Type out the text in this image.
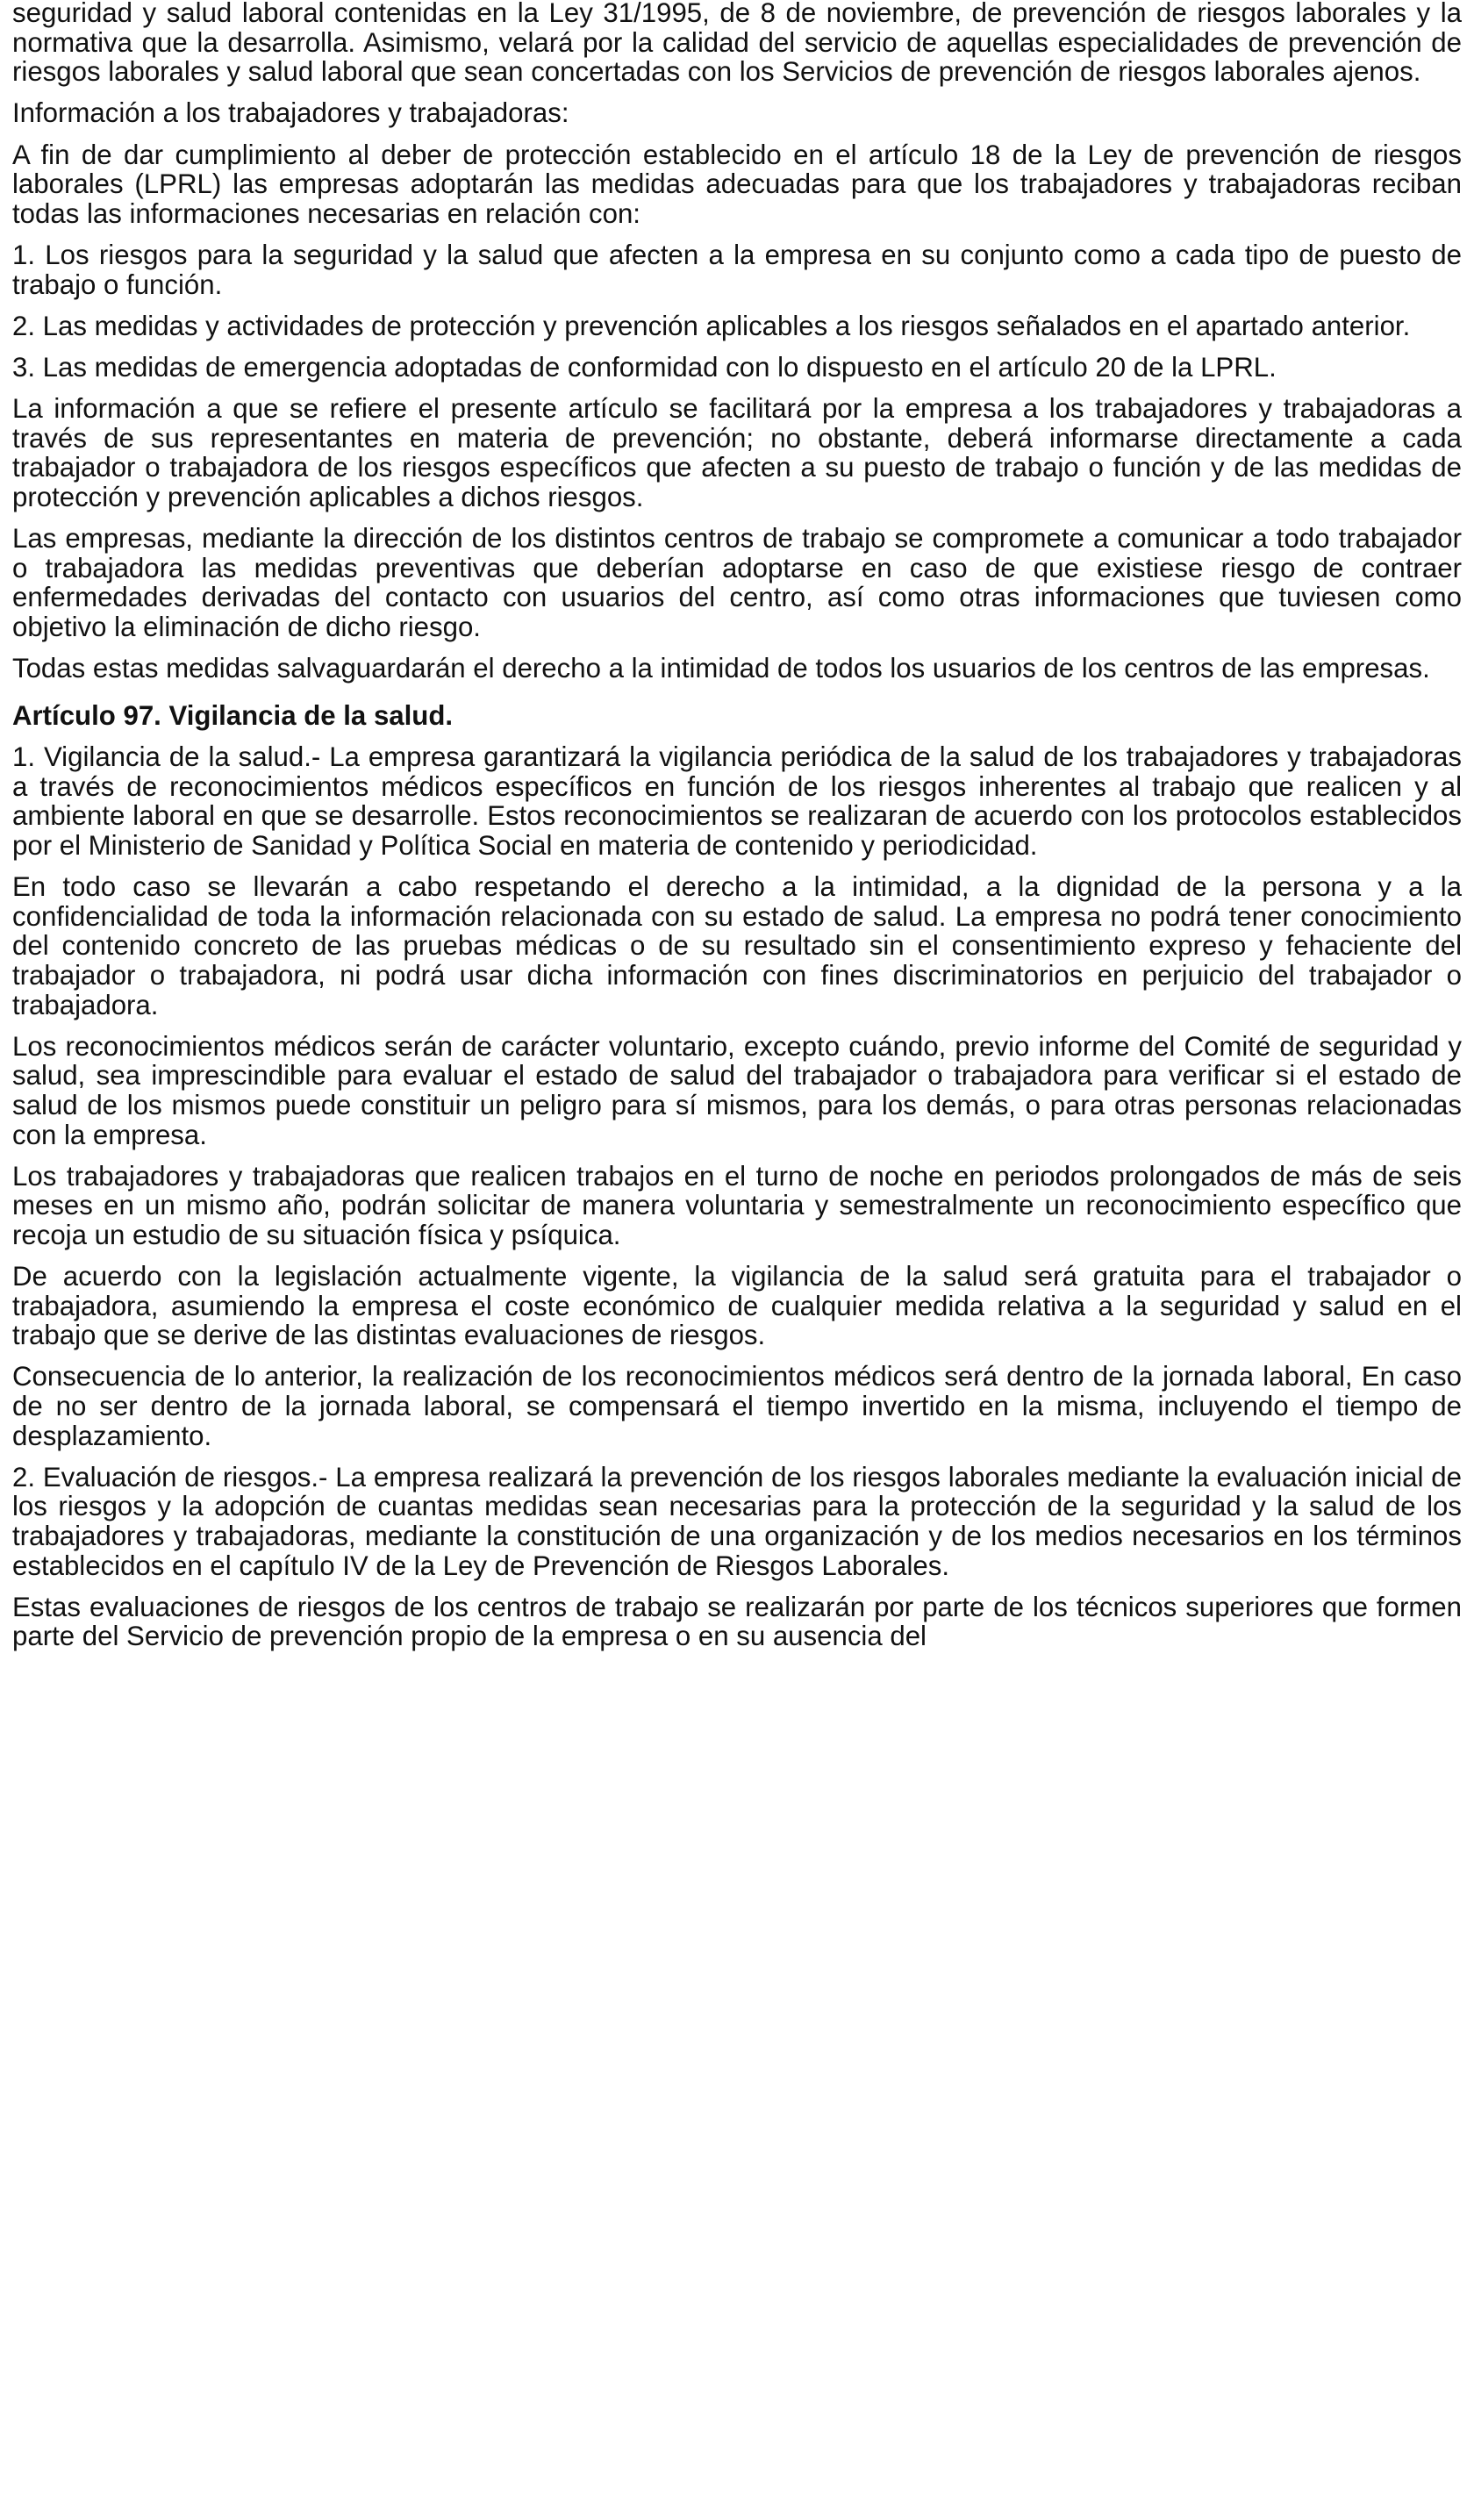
seguridad y salud laboral contenidas en la Ley 31/1995, de 8 de noviembre, de prevención de riesgos laborales y la normativa que la desarrolla. Asimismo, velará por la calidad del servicio de aquellas especialidades de prevención de riesgos laborales y salud laboral que sean concertadas con los Servicios de prevención de riesgos laborales ajenos.

Información a los trabajadores y trabajadoras:

A fin de dar cumplimiento al deber de protección establecido en el artículo 18 de la Ley de prevención de riesgos laborales (LPRL) las empresas adoptarán las medidas adecuadas para que los trabajadores y trabajadoras reciban todas las informaciones necesarias en relación con:

1. Los riesgos para la seguridad y la salud que afecten a la empresa en su conjunto como a cada tipo de puesto de trabajo o función.

2. Las medidas y actividades de protección y prevención aplicables a los riesgos señalados en el apartado anterior.

3. Las medidas de emergencia adoptadas de conformidad con lo dispuesto en el artículo 20 de la LPRL.

La información a que se refiere el presente artículo se facilitará por la empresa a los trabajadores y trabajadoras a través de sus representantes en materia de prevención; no obstante, deberá informarse directamente a cada trabajador o trabajadora de los riesgos específicos que afecten a su puesto de trabajo o función y de las medidas de protección y prevención aplicables a dichos riesgos.

Las empresas, mediante la dirección de los distintos centros de trabajo se compromete a comunicar a todo trabajador o trabajadora las medidas preventivas que deberían adoptarse en caso de que existiese riesgo de contraer enfermedades derivadas del contacto con usuarios del centro, así como otras informaciones que tuviesen como objetivo la eliminación de dicho riesgo.

Todas estas medidas salvaguardarán el derecho a la intimidad de todos los usuarios de los centros de las empresas.

Artículo 97. Vigilancia de la salud.

1. Vigilancia de la salud.- La empresa garantizará la vigilancia periódica de la salud de los trabajadores y trabajadoras a través de reconocimientos médicos específicos en función de los riesgos inherentes al trabajo que realicen y al ambiente laboral en que se desarrolle. Estos reconocimientos se realizaran de acuerdo con los protocolos establecidos por el Ministerio de Sanidad y Política Social en materia de contenido y periodicidad.

En todo caso se llevarán a cabo respetando el derecho a la intimidad, a la dignidad de la persona y a la confidencialidad de toda la información relacionada con su estado de salud. La empresa no podrá tener conocimiento del contenido concreto de las pruebas médicas o de su resultado sin el consentimiento expreso y fehaciente del trabajador o trabajadora, ni podrá usar dicha información con fines discriminatorios en perjuicio del trabajador o trabajadora.

Los reconocimientos médicos serán de carácter voluntario, excepto cuándo, previo informe del Comité de seguridad y salud, sea imprescindible para evaluar el estado de salud del trabajador o trabajadora para verificar si el estado de salud de los mismos puede constituir un peligro para sí mismos, para los demás, o para otras personas relacionadas con la empresa.

Los trabajadores y trabajadoras que realicen trabajos en el turno de noche en periodos prolongados de más de seis meses en un mismo año, podrán solicitar de manera voluntaria y semestralmente un reconocimiento específico que recoja un estudio de su situación física y psíquica.

De acuerdo con la legislación actualmente vigente, la vigilancia de la salud será gratuita para el trabajador o trabajadora, asumiendo la empresa el coste económico de cualquier medida relativa a la seguridad y salud en el trabajo que se derive de las distintas evaluaciones de riesgos.

Consecuencia de lo anterior, la realización de los reconocimientos médicos será dentro de la jornada laboral, En caso de no ser dentro de la jornada laboral, se compensará el tiempo invertido en la misma, incluyendo el tiempo de desplazamiento.

2. Evaluación de riesgos.- La empresa realizará la prevención de los riesgos laborales mediante la evaluación inicial de los riesgos y la adopción de cuantas medidas sean necesarias para la protección de la seguridad y la salud de los trabajadores y trabajadoras, mediante la constitución de una organización y de los medios necesarios en los términos establecidos en el capítulo IV de la Ley de Prevención de Riesgos Laborales.

Estas evaluaciones de riesgos de los centros de trabajo se realizarán por parte de los técnicos superiores que formen parte del Servicio de prevención propio de la empresa o en su ausencia del
